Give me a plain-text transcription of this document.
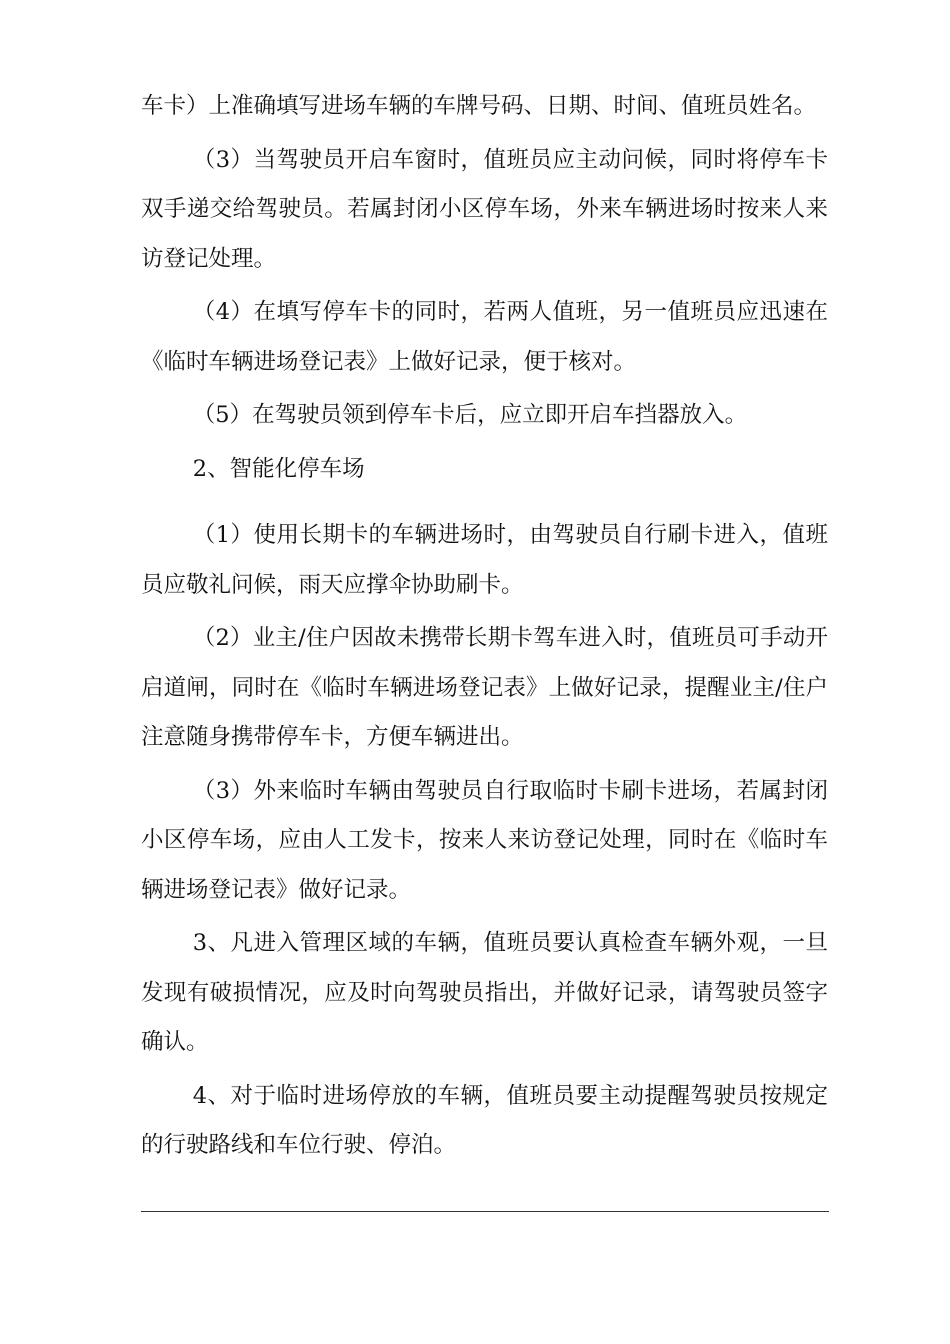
车卡）上准确填写进场车辆的车牌号码、日期、时间、值班员姓名。

（3）当驾驶员开启车窗时，值班员应主动问候，同时将停车卡双手递交给驾驶员。若属封闭小区停车场，外来车辆进场时按来人来访登记处理。

（4）在填写停车卡的同时，若两人值班，另一值班员应迅速在《临时车辆进场登记表》上做好记录，便于核对。

（5）在驾驶员领到停车卡后，应立即开启车挡器放入。

2、智能化停车场

（1）使用长期卡的车辆进场时，由驾驶员自行刷卡进入，值班员应敬礼问候，雨天应撑伞协助刷卡。

（2）业主/住户因故未携带长期卡驾车进入时，值班员可手动开启道闸，同时在《临时车辆进场登记表》上做好记录，提醒业主/住户注意随身携带停车卡，方便车辆进出。

（3）外来临时车辆由驾驶员自行取临时卡刷卡进场，若属封闭小区停车场，应由人工发卡，按来人来访登记处理，同时在《临时车辆进场登记表》做好记录。

3、凡进入管理区域的车辆，值班员要认真检查车辆外观，一旦发现有破损情况，应及时向驾驶员指出，并做好记录，请驾驶员签字确认。

4、对于临时进场停放的车辆，值班员要主动提醒驾驶员按规定的行驶路线和车位行驶、停泊。
